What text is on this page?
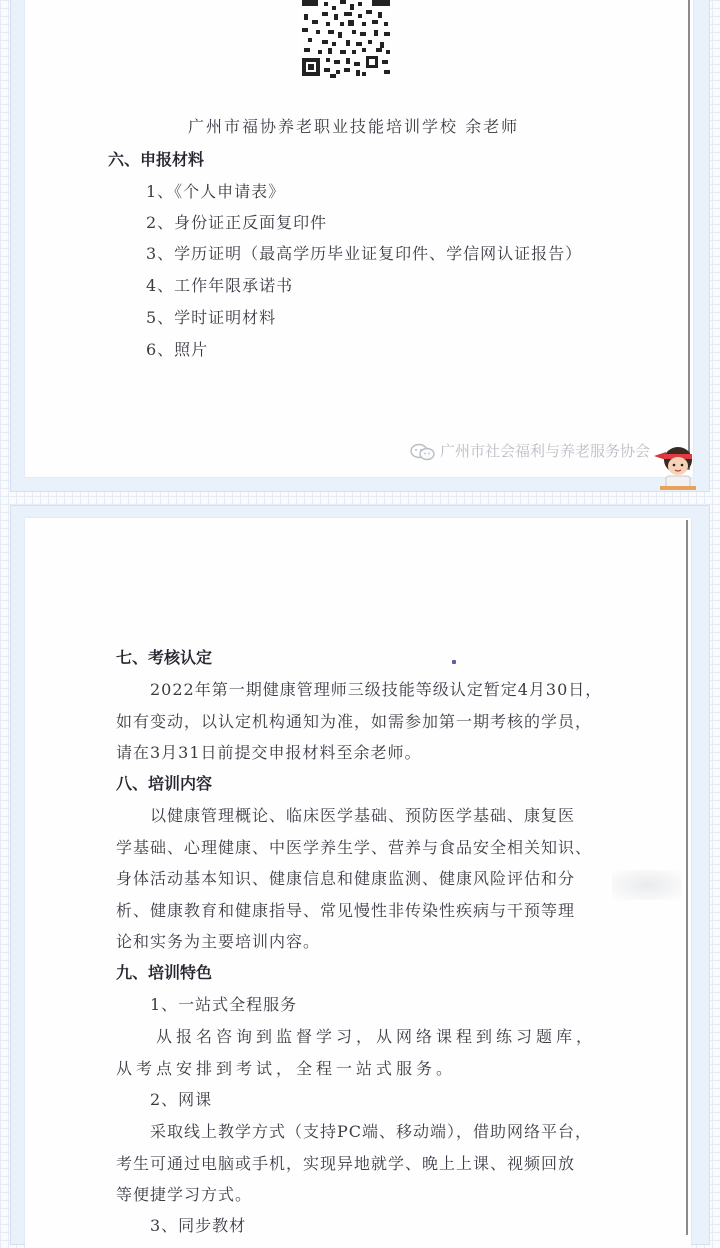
广州市福协养老职业技能培训学校 余老师
六、申报材料
1、《个人申请表》
2、身份证正反面复印件
3、学历证明（最高学历毕业证复印件、学信网认证报告）
4、工作年限承诺书
5、学时证明材料
6、照片
广州市社会福利与养老服务协会
七、考核认定
2022年第一期健康管理师三级技能等级认定暂定4月30日，
如有变动，以认定机构通知为准，如需参加第一期考核的学员，
请在3月31日前提交申报材料至余老师。
八、培训内容
以健康管理概论、临床医学基础、预防医学基础、康复医
学基础、心理健康、中医学养生学、营养与食品安全相关知识、
身体活动基本知识、健康信息和健康监测、健康风险评估和分
析、健康教育和健康指导、常见慢性非传染性疾病与干预等理
论和实务为主要培训内容。
九、培训特色
1、一站式全程服务
从报名咨询到监督学习，从网络课程到练习题库，
从考点安排到考试，全程一站式服务。
2、网课
采取线上教学方式（支持PC端、移动端），借助网络平台，
考生可通过电脑或手机，实现异地就学、晚上上课、视频回放
等便捷学习方式。
3、同步教材
